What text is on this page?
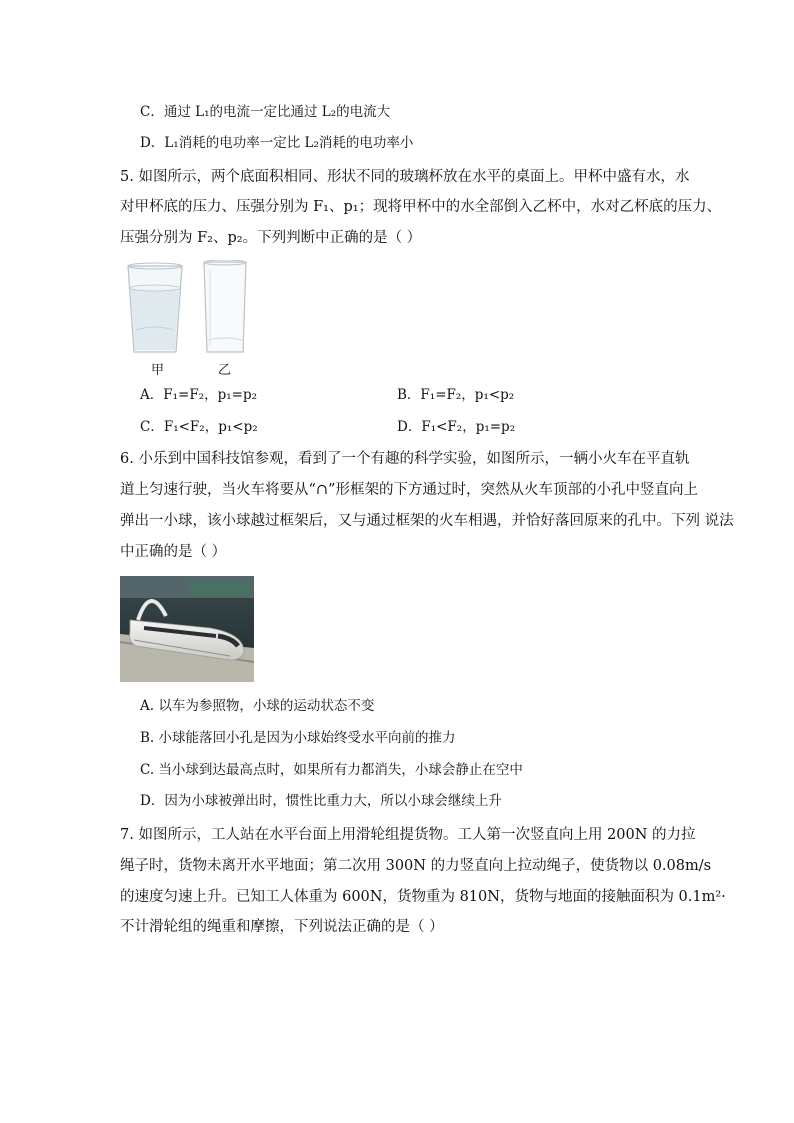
C．通过 L₁的电流一定比通过 L₂的电流大
D．L₁消耗的电功率一定比 L₂消耗的电功率小
5. 如图所示，两个底面积相同、形状不同的玻璃杯放在水平的桌面上。甲杯中盛有水，水
对甲杯底的压力、压强分别为 F₁、p₁；现将甲杯中的水全部倒入乙杯中，水对乙杯底的压力、
压强分别为 F₂、p₂。下列判断中正确的是（ ）
甲	乙
A．F₁=F₂，p₁=p₂	B．F₁=F₂，p₁<p₂
C．F₁<F₂，p₁<p₂	D．F₁<F₂，p₁=p₂
6. 小乐到中国科技馆参观，看到了一个有趣的科学实验，如图所示，一辆小火车在平直轨
道上匀速行驶，当火车将要从“∩”形框架的下方通过时，突然从火车顶部的小孔中竖直向上
弹出一小球，该小球越过框架后，又与通过框架的火车相遇，并恰好落回原来的孔中。下列 说法
中正确的是（ ）
A. 以车为参照物，小球的运动状态不变
B. 小球能落回小孔是因为小球始终受水平向前的推力
C. 当小球到达最高点时，如果所有力都消失，小球会静止在空中
D．因为小球被弹出时，惯性比重力大，所以小球会继续上升
7. 如图所示，工人站在水平台面上用滑轮组提货物。工人第一次竖直向上用 200N 的力拉
绳子时，货物未离开水平地面；第二次用 300N 的力竖直向上拉动绳子，使货物以 0.08m/s
的速度匀速上升。已知工人体重为 600N，货物重为 810N，货物与地面的接触面积为 0.1m²·
不计滑轮组的绳重和摩擦，下列说法正确的是（ ）
